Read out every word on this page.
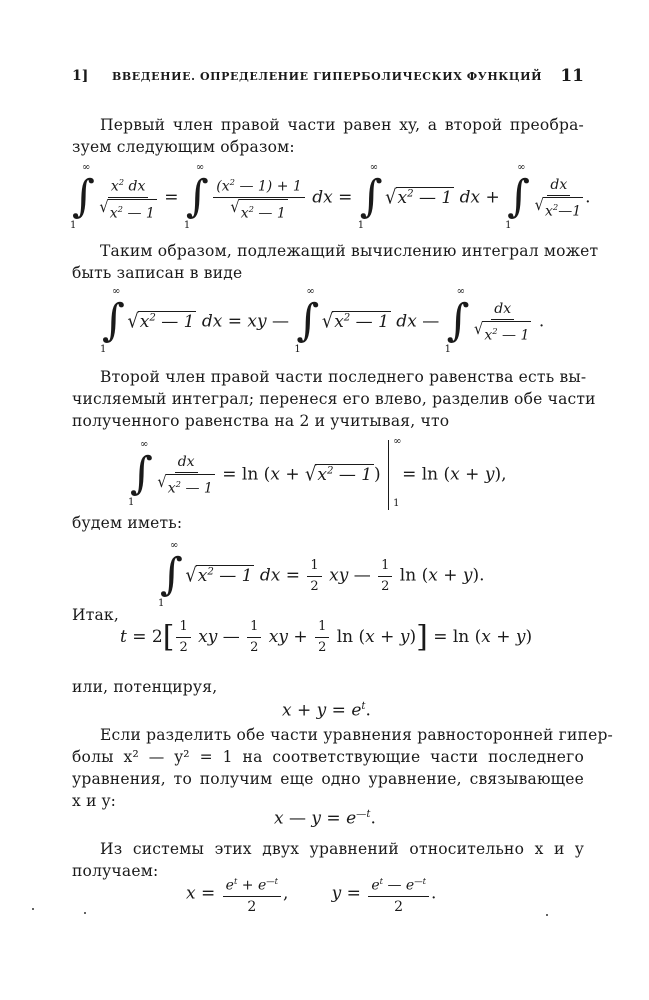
1] ВВЕДЕНИЕ. ОПРЕДЕЛЕНИЕ ГИПЕРБОЛИЧЕСКИХ ФУНКЦИЙ 11
Первый член правой части равен xy, а второй преобра-
зуем следующим образом:
∫
∞
1

$\frac{x^2 dx}{√ x^2 — 1}$ = ∫
∞
1

$\frac{(x^2 — 1) + 1}{√ x^2 — 1}$ dx = ∫
∞
1

√ $x^2$ — 1 dx + ∫
∞
1

$\frac{dx}{√ x^2—1}$ .
Таким образом, подлежащий вычислению интеграл может
быть записан в виде
∫
∞
1

√ $x^2$ — 1 dx = xy — ∫
∞
1

√ $x^2$ — 1 dx — ∫
∞
1

$\frac{dx}{√ x^2 — 1}$ .
Второй член правой части последнего равенства есть вы-
числяемый интеграл; перенеся его влево, разделив обе части
полученного равенства на 2 и учитывая, что
∫
∞
1

$\frac{dx}{√ x^2 — 1} = \ln (x$ + √ $x^2$ — 1 )
∞
1
= ln (x + y),
будем иметь:
∫
∞
1

√ $x^2$ — 1 dx = $\frac{1}{2}$ xy — $\frac{1}{2}$ ln (x + y).
Итак,
$t = 2[ \frac{1}{2}$ xy — $\frac{1}{2}$ xy + $\frac{1}{2}$ ln (x + y)] = ln (x + y)
или, потенцируя,
$x + y = e^t$.
Если разделить обе части уравнения равносторонней гипер-
болы x² — y² = 1 на соответствующие части последнего
уравнения, то получим еще одно уравнение, связывающее
x и y:
x — $y = e^{—t}$.
Из системы этих двух уравнений относительно x и y
получаем:
$x = \frac{e^t + e^{—t}}{2}$ ,        $y = \frac{e^t — e^{—t}}{2}$ .
